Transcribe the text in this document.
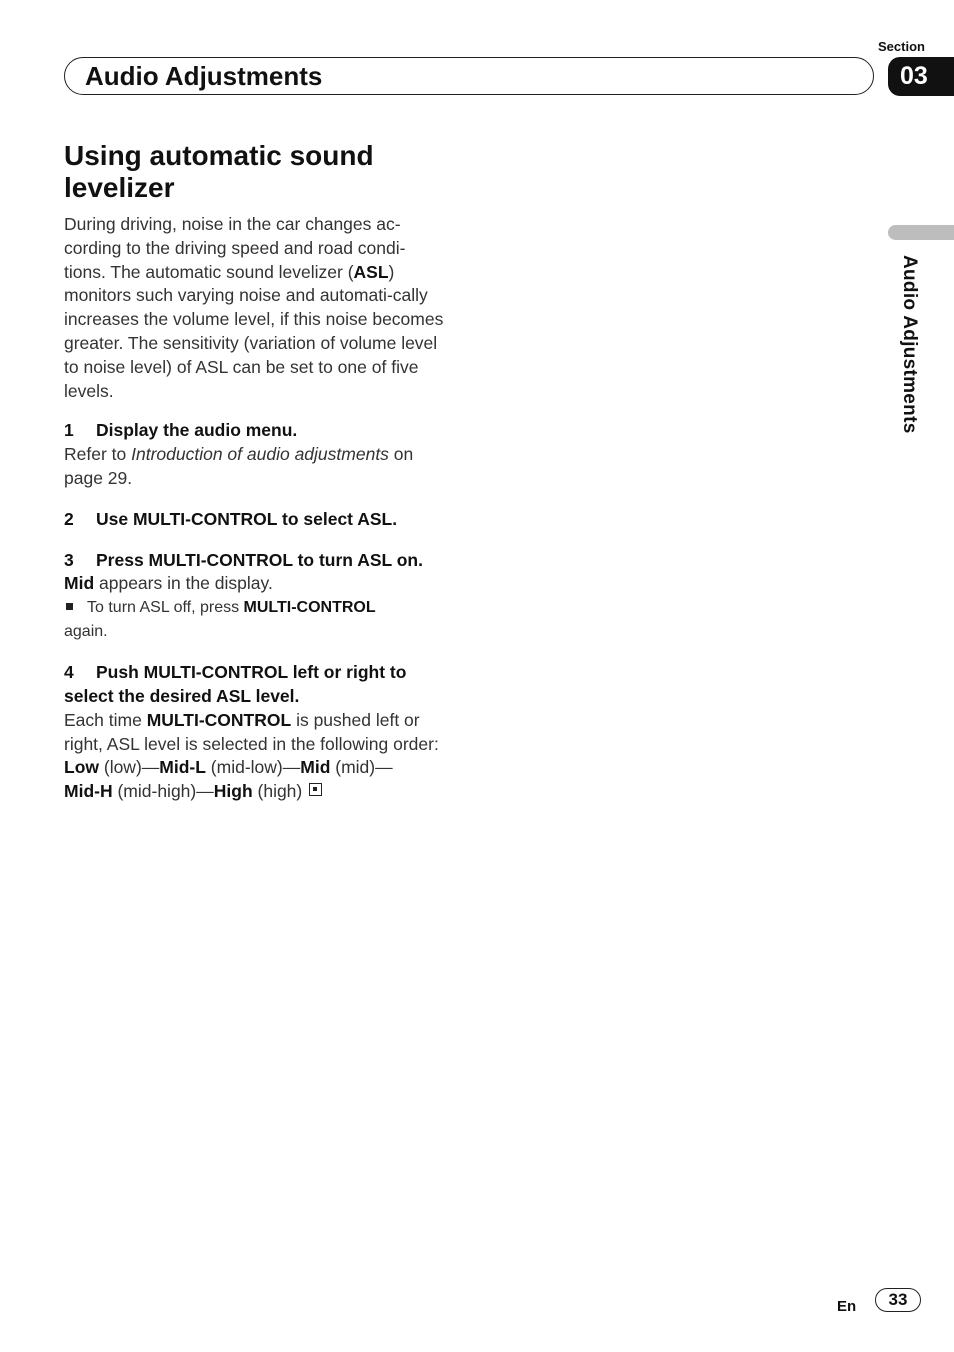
Section
Audio Adjustments	03
Audio Adjustments
Using automatic sound levelizer

During driving, noise in the car changes ac-cording to the driving speed and road condi-tions. The automatic sound levelizer (ASL) monitors such varying noise and automati-cally increases the volume level, if this noise becomes greater. The sensitivity (variation of volume level to noise level) of ASL can be set to one of five levels.

1 Display the audio menu.

Refer to Introduction of audio adjustments on page 29.

2 Use MULTI-CONTROL to select ASL.
3 Press MULTI-CONTROL to turn ASL on.

Mid appears in the display.

To turn ASL off, press MULTI-CONTROL
again.
4 Push MULTI-CONTROL left or right to select the desired ASL level.

Each time MULTI-CONTROL is pushed left or right, ASL level is selected in the following order:

Low (low)—Mid-L (mid-low)—Mid (mid)—
Mid-H (mid-high)—High (high)

En	33
